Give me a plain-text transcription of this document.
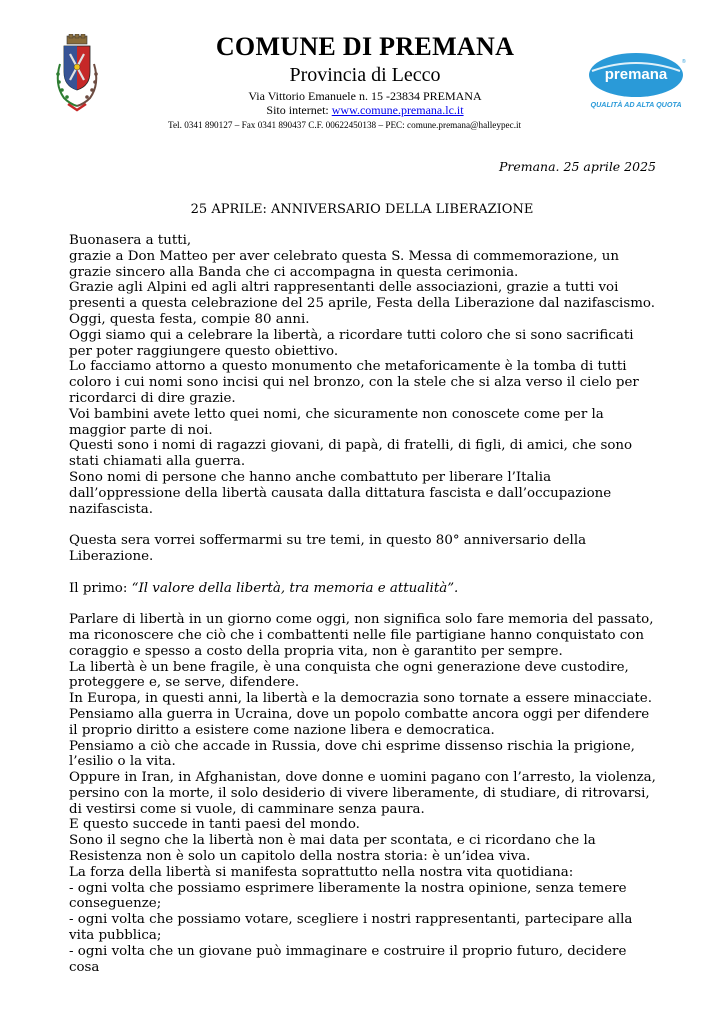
COMUNE DI PREMANA
Provincia di Lecco
Via Vittorio Emanuele n. 15 -23834 PREMANA
Sito internet: www.comune.premana.lc.it
Tel. 0341 890127 – Fax 0341 890437 C.F. 00622450138 – PEC: comune.premana@halleypec.it
premana
®
QUALITÀ AD ALTA QUOTA
Premana. 25 aprile 2025
25 APRILE: ANNIVERSARIO DELLA LIBERAZIONE

Buonasera a tutti,

grazie a Don Matteo per aver celebrato questa S. Messa di commemorazione, un grazie sincero alla Banda che ci accompagna in questa cerimonia.

Grazie agli Alpini ed agli altri rappresentanti delle associazioni, grazie a tutti voi presenti a questa celebrazione del 25 aprile, Festa della Liberazione dal nazifascismo.

Oggi, questa festa, compie 80 anni.

Oggi siamo qui a celebrare la libertà, a ricordare tutti coloro che si sono sacrificati per poter raggiungere questo obiettivo.

Lo facciamo attorno a questo monumento che metaforicamente è la tomba di tutti coloro i cui nomi sono incisi qui nel bronzo, con la stele che si alza verso il cielo per ricordarci di dire grazie.

Voi bambini avete letto quei nomi, che sicuramente non conoscete come per la maggior parte di noi.

Questi sono i nomi di ragazzi giovani, di papà, di fratelli, di figli, di amici, che sono stati chiamati alla guerra.

Sono nomi di persone che hanno anche combattuto per liberare l’Italia dall’oppressione della libertà causata dalla dittatura fascista e dall’occupazione nazifascista.

Questa sera vorrei soffermarmi su tre temi, in questo 80° anniversario della Liberazione.

Il primo: “Il valore della libertà, tra memoria e attualità”.

Parlare di libertà in un giorno come oggi, non significa solo fare memoria del passato, ma riconoscere che ciò che i combattenti nelle file partigiane hanno conquistato con coraggio e spesso a costo della propria vita, non è garantito per sempre.

La libertà è un bene fragile, è una conquista che ogni generazione deve custodire, proteggere e, se serve, difendere.

In Europa, in questi anni, la libertà e la democrazia sono tornate a essere minacciate.

Pensiamo alla guerra in Ucraina, dove un popolo combatte ancora oggi per difendere il proprio diritto a esistere come nazione libera e democratica.

Pensiamo a ciò che accade in Russia, dove chi esprime dissenso rischia la prigione, l’esilio o la vita.

Oppure in Iran, in Afghanistan, dove donne e uomini pagano con l’arresto, la violenza, persino con la morte, il solo desiderio di vivere liberamente, di studiare, di ritrovarsi, di vestirsi come si vuole, di camminare senza paura.

E questo succede in tanti paesi del mondo.

Sono il segno che la libertà non è mai data per scontata, e ci ricordano che la Resistenza non è solo un capitolo della nostra storia: è un’idea viva.

La forza della libertà si manifesta soprattutto nella nostra vita quotidiana:

- ogni volta che possiamo esprimere liberamente la nostra opinione, senza temere conseguenze;

- ogni volta che possiamo votare, scegliere i nostri rappresentanti, partecipare alla vita pubblica;

- ogni volta che un giovane può immaginare e costruire il proprio futuro, decidere cosa
